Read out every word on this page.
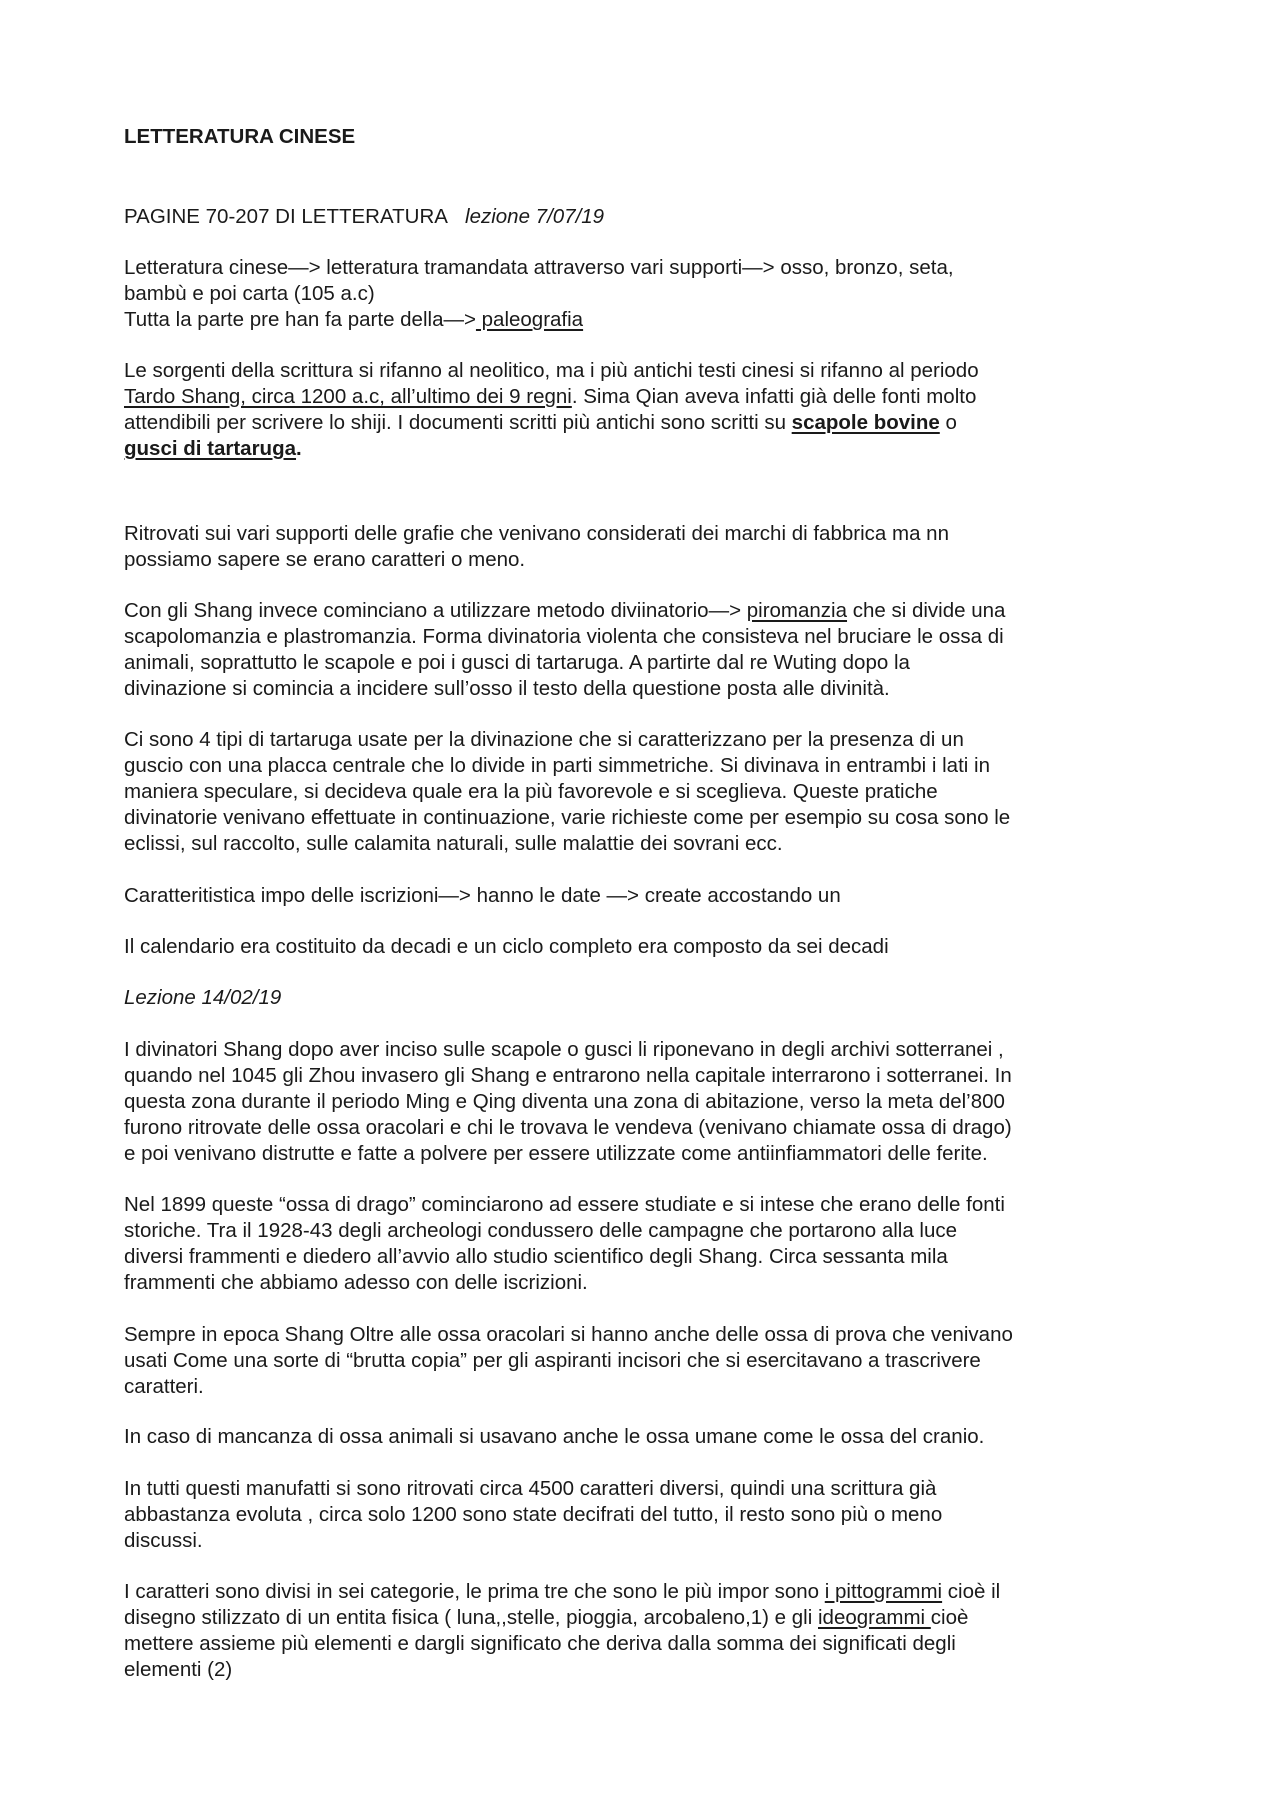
LETTERATURA CINESE
PAGINE 70-207 DI LETTERATURA lezione 7/07/19
Letteratura cinese—> letteratura tramandata attraverso vari supporti—> osso, bronzo, seta,
bambù e poi carta (105 a.c)
Tutta la parte pre han fa parte della—> paleografia
Le sorgenti della scrittura si rifanno al neolitico, ma i più antichi testi cinesi si rifanno al periodo
Tardo Shang, circa 1200 a.c, all’ultimo dei 9 regni. Sima Qian aveva infatti già delle fonti molto
attendibili per scrivere lo shiji. I documenti scritti più antichi sono scritti su scapole bovine o
gusci di tartaruga.
Ritrovati sui vari supporti delle grafie che venivano considerati dei marchi di fabbrica ma nn
possiamo sapere se erano caratteri o meno.
Con gli Shang invece cominciano a utilizzare metodo diviinatorio—> piromanzia che si divide una
scapolomanzia e plastromanzia. Forma divinatoria violenta che consisteva nel bruciare le ossa di
animali, soprattutto le scapole e poi i gusci di tartaruga. A partirte dal re Wuting dopo la
divinazione si comincia a incidere sull’osso il testo della questione posta alle divinità.
Ci sono 4 tipi di tartaruga usate per la divinazione che si caratterizzano per la presenza di un
guscio con una placca centrale che lo divide in parti simmetriche. Si divinava in entrambi i lati in
maniera speculare, si decideva quale era la più favorevole e si sceglieva. Queste pratiche
divinatorie venivano effettuate in continuazione, varie richieste come per esempio su cosa sono le
eclissi, sul raccolto, sulle calamita naturali, sulle malattie dei sovrani ecc.
Caratteritistica impo delle iscrizioni—> hanno le date —> create accostando un
Il calendario era costituito da decadi e un ciclo completo era composto da sei decadi
Lezione 14/02/19
I divinatori Shang dopo aver inciso sulle scapole o gusci li riponevano in degli archivi sotterranei ,
quando nel 1045 gli Zhou invasero gli Shang e entrarono nella capitale interrarono i sotterranei. In
questa zona durante il periodo Ming e Qing diventa una zona di abitazione, verso la meta del’800
furono ritrovate delle ossa oracolari e chi le trovava le vendeva (venivano chiamate ossa di drago)
e poi venivano distrutte e fatte a polvere per essere utilizzate come antiinfiammatori delle ferite.
Nel 1899 queste “ossa di drago” cominciarono ad essere studiate e si intese che erano delle fonti
storiche. Tra il 1928-43 degli archeologi condussero delle campagne che portarono alla luce
diversi frammenti e diedero all’avvio allo studio scientifico degli Shang. Circa sessanta mila
frammenti che abbiamo adesso con delle iscrizioni.
Sempre in epoca Shang Oltre alle ossa oracolari si hanno anche delle ossa di prova che venivano
usati Come una sorte di “brutta copia” per gli aspiranti incisori che si esercitavano a trascrivere
caratteri.
In caso di mancanza di ossa animali si usavano anche le ossa umane come le ossa del cranio.
In tutti questi manufatti si sono ritrovati circa 4500 caratteri diversi, quindi una scrittura già
abbastanza evoluta , circa solo 1200 sono state decifrati del tutto, il resto sono più o meno
discussi.
I caratteri sono divisi in sei categorie, le prima tre che sono le più impor sono i pittogrammi cioè il
disegno stilizzato di un entita fisica ( luna,,stelle, pioggia, arcobaleno,1) e gli ideogrammi cioè
mettere assieme più elementi e dargli significato che deriva dalla somma dei significati degli
elementi (2)
